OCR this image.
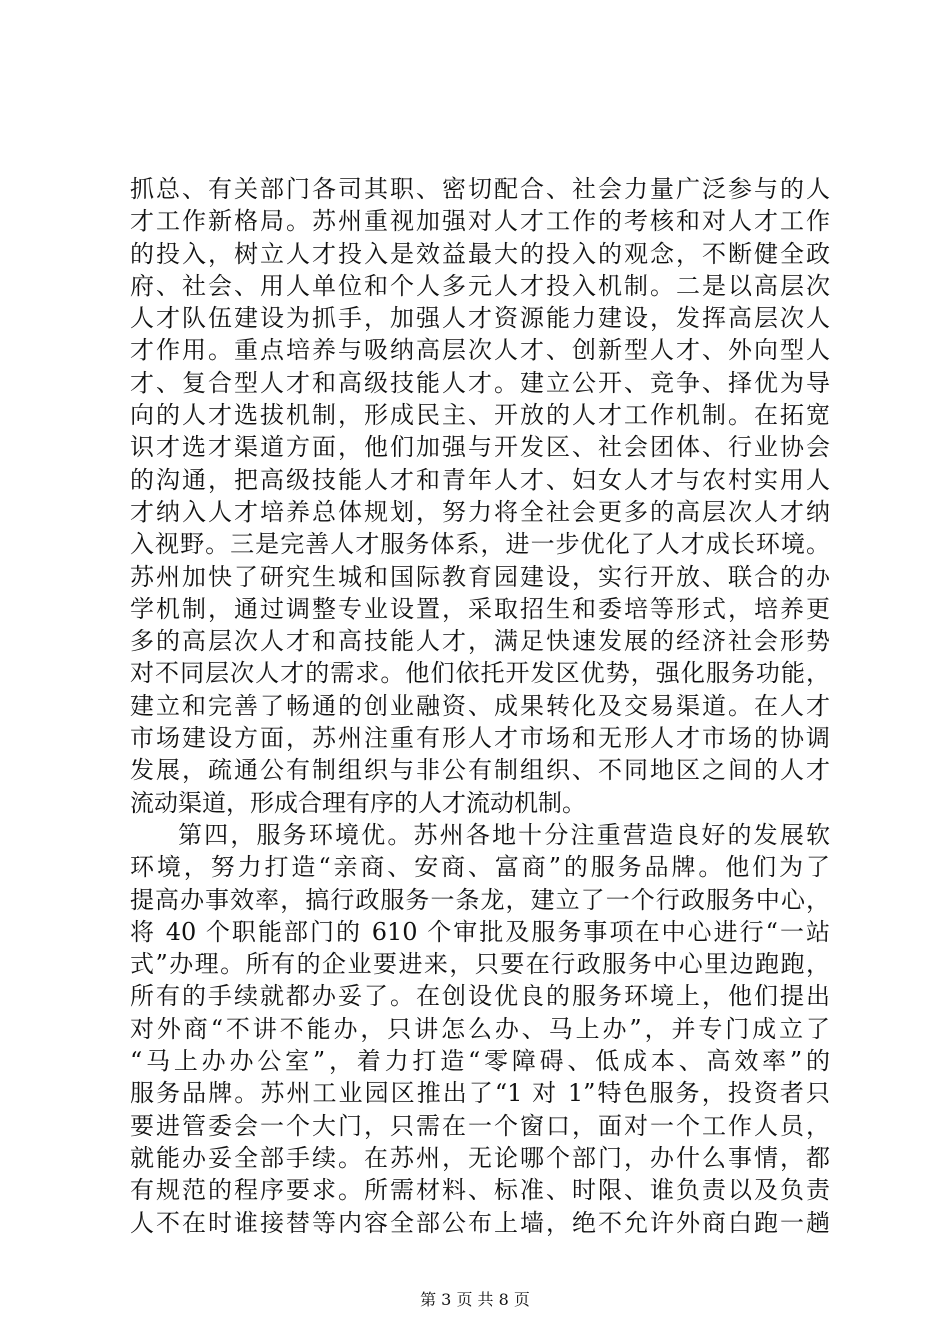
抓总、有关部门各司其职、密切配合、社会力量广泛参与的人
才工作新格局。苏州重视加强对人才工作的考核和对人才工作
的投入，树立人才投入是效益最大的投入的观念，不断健全政
府、社会、用人单位和个人多元人才投入机制。二是以高层次
人才队伍建设为抓手，加强人才资源能力建设，发挥高层次人
才作用。重点培养与吸纳高层次人才、创新型人才、外向型人
才、复合型人才和高级技能人才。建立公开、竞争、择优为导
向的人才选拔机制，形成民主、开放的人才工作机制。在拓宽
识才选才渠道方面，他们加强与开发区、社会团体、行业协会
的沟通，把高级技能人才和青年人才、妇女人才与农村实用人
才纳入人才培养总体规划，努力将全社会更多的高层次人才纳
入视野。三是完善人才服务体系，进一步优化了人才成长环境。
苏州加快了研究生城和国际教育园建设，实行开放、联合的办
学机制，通过调整专业设置，采取招生和委培等形式，培养更
多的高层次人才和高技能人才，满足快速发展的经济社会形势
对不同层次人才的需求。他们依托开发区优势，强化服务功能，
建立和完善了畅通的创业融资、成果转化及交易渠道。在人才
市场建设方面，苏州注重有形人才市场和无形人才市场的协调
发展，疏通公有制组织与非公有制组织、不同地区之间的人才
流动渠道，形成合理有序的人才流动机制。
第四，服务环境优。苏州各地十分注重营造良好的发展软
环境，努力打造“亲商、安商、富商”的服务品牌。他们为了
提高办事效率，搞行政服务一条龙，建立了一个行政服务中心，
将 40 个职能部门的 610 个审批及服务事项在中心进行“一站
式”办理。所有的企业要进来，只要在行政服务中心里边跑跑，
所有的手续就都办妥了。在创设优良的服务环境上，他们提出
对外商“不讲不能办，只讲怎么办、马上办”，并专门成立了
“马上办办公室”，着力打造“零障碍、低成本、高效率”的
服务品牌。苏州工业园区推出了“1 对 1”特色服务，投资者只
要进管委会一个大门，只需在一个窗口，面对一个工作人员，
就能办妥全部手续。在苏州，无论哪个部门，办什么事情，都
有规范的程序要求。所需材料、标准、时限、谁负责以及负责
人不在时谁接替等内容全部公布上墙，绝不允许外商白跑一趟
第 3 页 共 8 页
